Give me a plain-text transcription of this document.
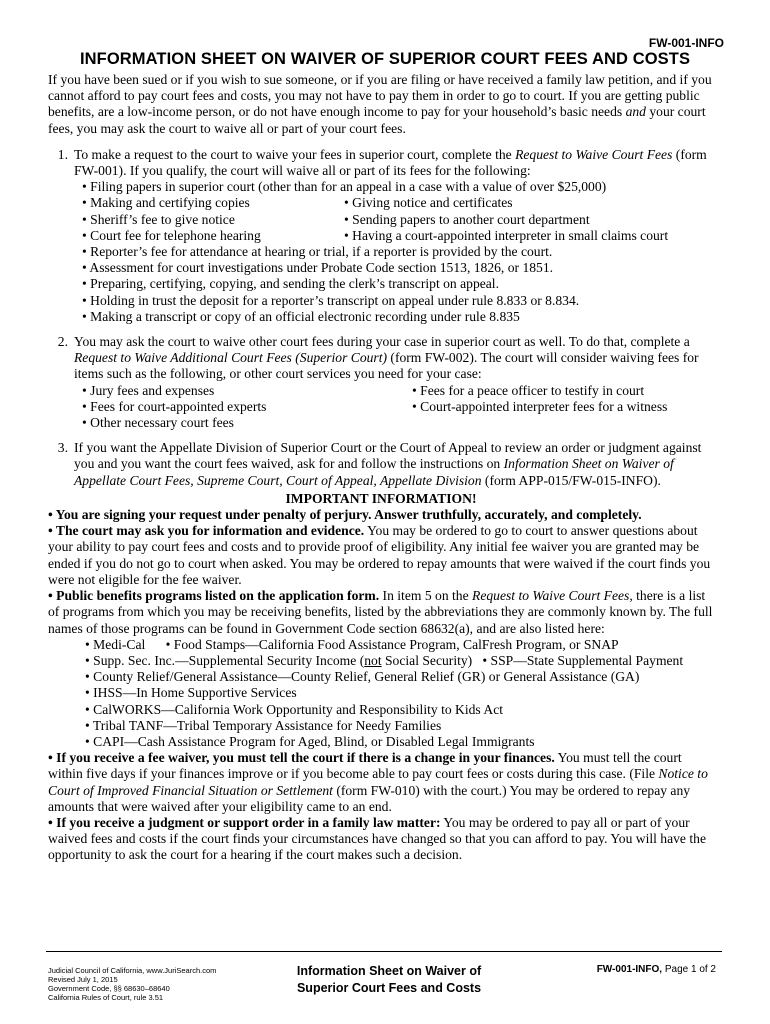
FW-001-INFO
INFORMATION SHEET ON WAIVER OF SUPERIOR COURT FEES AND COSTS

If you have been sued or if you wish to sue someone, or if you are filing or have received a family law petition, and if you cannot afford to pay court fees and costs, you may not have to pay them in order to go to court. If you are getting public benefits, are a low-income person, or do not have enough income to pay for your household’s basic needs and your court fees, you may ask the court to waive all or part of your court fees.

1. To make a request to the court to waive your fees in superior court, complete the Request to Waive Court Fees (form FW-001). If you qualify, the court will waive all or part of its fees for the following:

• Filing papers in superior court (other than for an appeal in a case with a value of over $25,000)
• Making and certifying copies	• Giving notice and certificates
• Sheriff’s fee to give notice	• Sending papers to another court department
• Court fee for telephone hearing	• Having a court-appointed interpreter in small claims court
• Reporter’s fee for attendance at hearing or trial, if a reporter is provided by the court.
• Assessment for court investigations under Probate Code section 1513, 1826, or 1851.
• Preparing, certifying, copying, and sending the clerk’s transcript on appeal.
• Holding in trust the deposit for a reporter’s transcript on appeal under rule 8.833 or 8.834.
• Making a transcript or copy of an official electronic recording under rule 8.835
2. You may ask the court to waive other court fees during your case in superior court as well. To do that, complete a Request to Waive Additional Court Fees (Superior Court) (form FW-002). The court will consider waiving fees for items such as the following, or other court services you need for your case:

• Jury fees and expenses	• Fees for a peace officer to testify in court
• Fees for court-appointed experts	• Court-appointed interpreter fees for a witness
• Other necessary court fees
3. If you want the Appellate Division of Superior Court or the Court of Appeal to review an order or judgment against you and you want the court fees waived, ask for and follow the instructions on Information Sheet on Waiver of Appellate Court Fees, Supreme Court, Court of Appeal, Appellate Division (form APP-015/FW-015-INFO).

IMPORTANT INFORMATION!

• You are signing your request under penalty of perjury. Answer truthfully, accurately, and completely.

• The court may ask you for information and evidence. You may be ordered to go to court to answer questions about your ability to pay court fees and costs and to provide proof of eligibility. Any initial fee waiver you are granted may be ended if you do not go to court when asked. You may be ordered to repay amounts that were waived if the court finds you were not eligible for the fee waiver.

• Public benefits programs listed on the application form. In item 5 on the Request to Waive Court Fees, there is a list of programs from which you may be receiving benefits, listed by the abbreviations they are commonly known by. The full names of those programs can be found in Government Code section 68632(a), and are also listed here:

• Medi-Cal      • Food Stamps—California Food Assistance Program, CalFresh Program, or SNAP
• Supp. Sec. Inc.—Supplemental Security Income (not Social Security)   • SSP—State Supplemental Payment
• County Relief/General Assistance—County Relief, General Relief (GR) or General Assistance (GA)
• IHSS—In Home Supportive Services
• CalWORKS—California Work Opportunity and Responsibility to Kids Act
• Tribal TANF—Tribal Temporary Assistance for Needy Families
• CAPI—Cash Assistance Program for Aged, Blind, or Disabled Legal Immigrants

• If you receive a fee waiver, you must tell the court if there is a change in your finances. You must tell the court within five days if your finances improve or if you become able to pay court fees or costs during this case. (File Notice to Court of Improved Financial Situation or Settlement (form FW-010) with the court.) You may be ordered to repay any amounts that were waived after your eligibility came to an end.

• If you receive a judgment or support order in a family law matter: You may be ordered to pay all or part of your waived fees and costs if the court finds your circumstances have changed so that you can afford to pay. You will have the opportunity to ask the court for a hearing if the court makes such a decision.

Judicial Council of California, www.JuriSearch.com
Revised July 1, 2015
Government Code, §§ 68630–68640
California Rules of Court, rule 3.51
Information Sheet on Waiver of
Superior Court Fees and Costs
FW-001-INFO, Page 1 of 2
